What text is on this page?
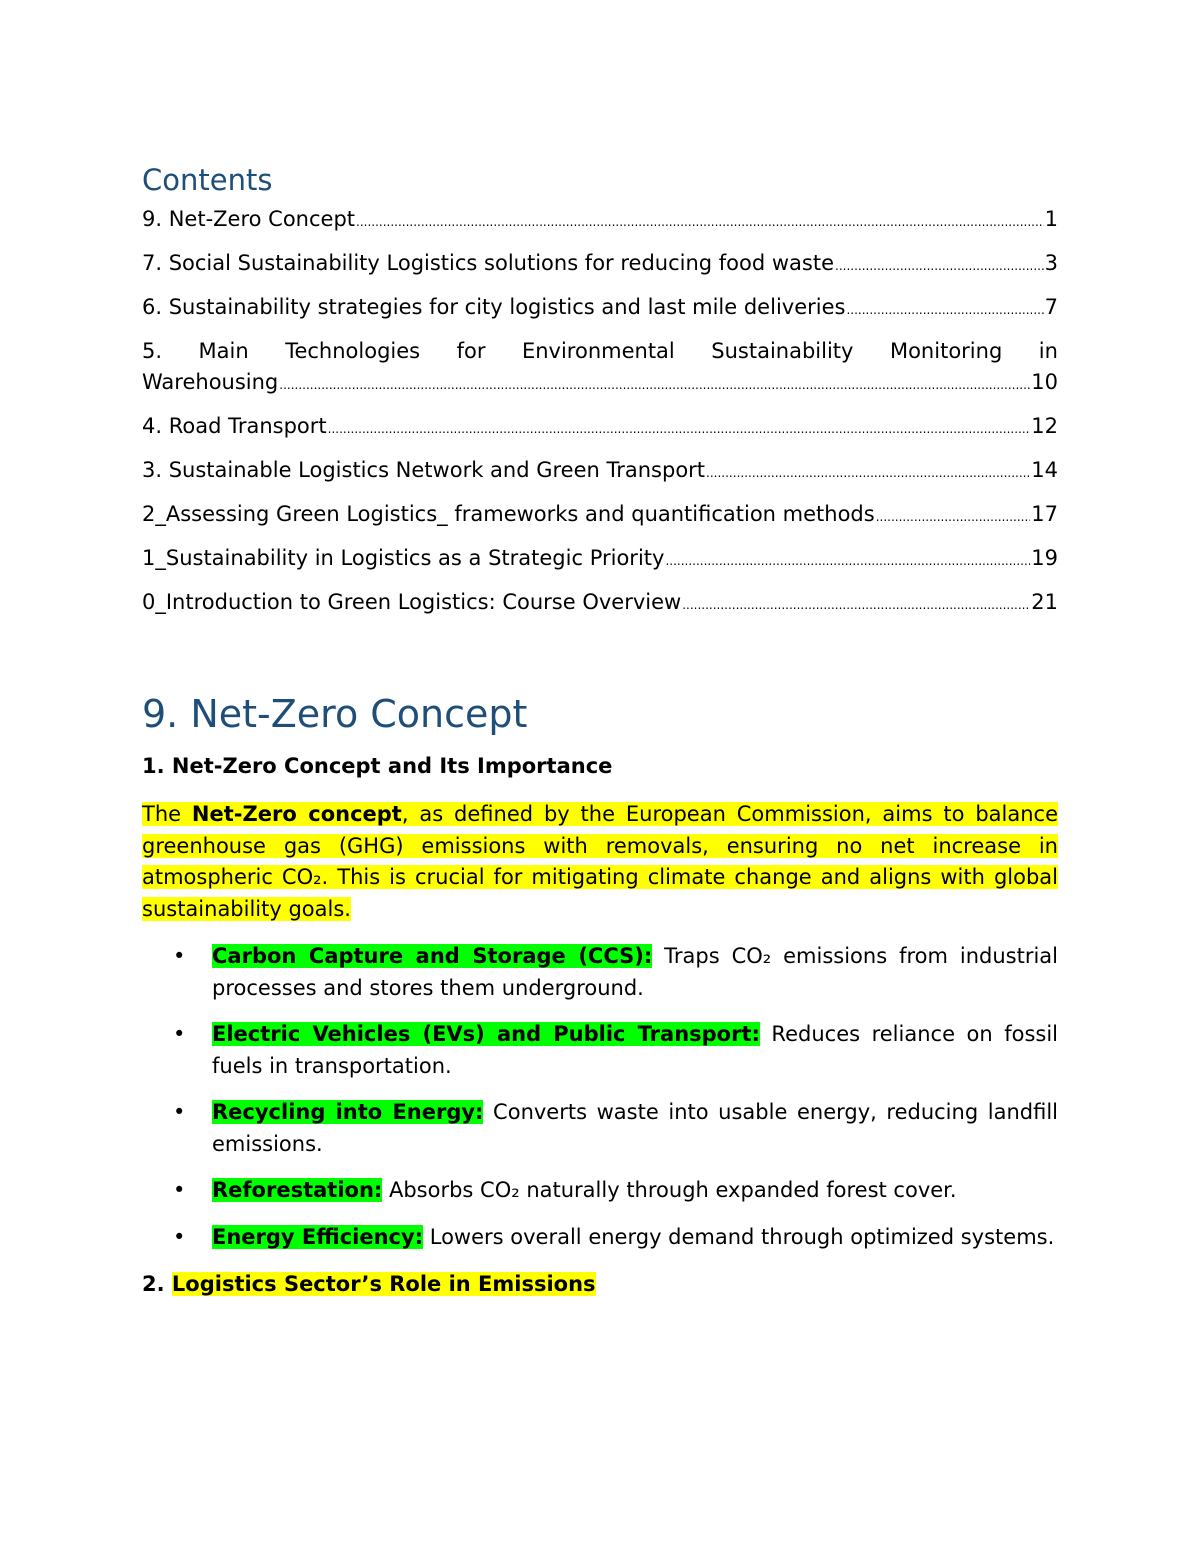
Contents
9. Net-Zero Concept .....	1
7. Social Sustainability Logistics solutions for reducing food waste .....	3
6. Sustainability strategies for city logistics and last mile deliveries .....	7
5. Main Technologies for Environmental Sustainability Monitoring in
Warehousing .....	10
4. Road Transport .....	12
3. Sustainable Logistics Network and Green Transport .....	14
2_Assessing Green Logistics_ frameworks and quantification methods .....	17
1_Sustainability in Logistics as a Strategic Priority .....	19
0_Introduction to Green Logistics: Course Overview .....	21
9. Net-Zero Concept
1. Net-Zero Concept and Its Importance

The Net-Zero concept, as defined by the European Commission, aims to balance greenhouse gas (GHG) emissions with removals, ensuring no net increase in atmospheric CO₂. This is crucial for mitigating climate change and aligns with global sustainability goals.

• Carbon Capture and Storage (CCS): Traps CO₂ emissions from industrial processes and stores them underground.
• Electric Vehicles (EVs) and Public Transport: Reduces reliance on fossil fuels in transportation.
• Recycling into Energy: Converts waste into usable energy, reducing landfill emissions.
• Reforestation: Absorbs CO₂ naturally through expanded forest cover.
• Energy Efficiency: Lowers overall energy demand through optimized systems.
2. Logistics Sector’s Role in Emissions
